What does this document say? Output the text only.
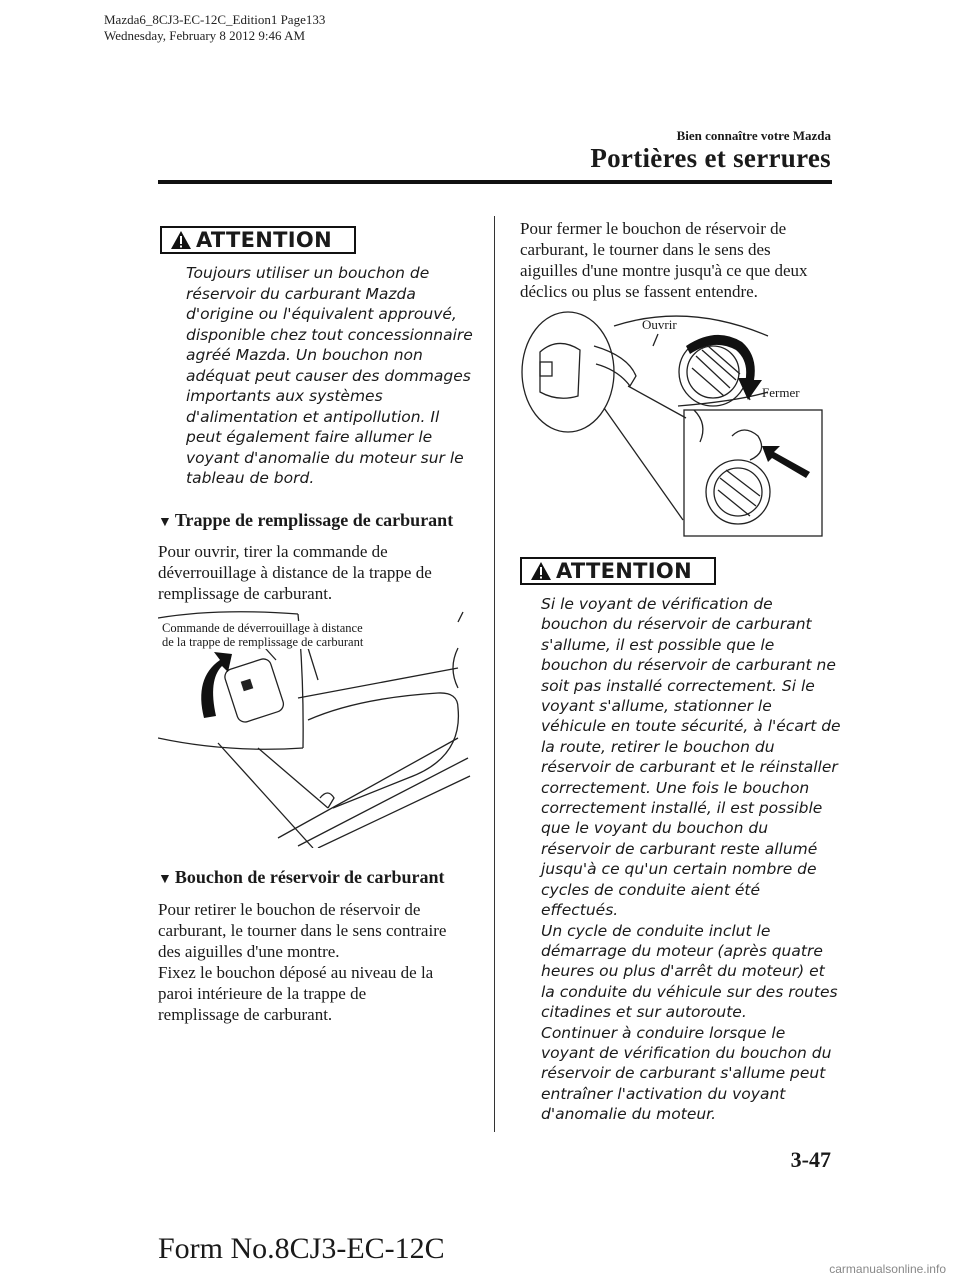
Mazda6_8CJ3-EC-12C_Edition1 Page133
Wednesday, February 8 2012 9:46 AM
Bien connaître votre Mazda
Portières et serrures
ATTENTION
Toujours utiliser un bouchon de
réservoir du carburant Mazda
d'origine ou l'équivalent approuvé,
disponible chez tout concessionnaire
agréé Mazda. Un bouchon non
adéquat peut causer des dommages
importants aux systèmes
d'alimentation et antipollution. Il
peut également faire allumer le
voyant d'anomalie du moteur sur le
tableau de bord.
▼ Trappe de remplissage de carburant
Pour ouvrir, tirer la commande de
déverrouillage à distance de la trappe de
remplissage de carburant.
Commande de déverrouillage à distance
de la trappe de remplissage de carburant
▼ Bouchon de réservoir de carburant
Pour retirer le bouchon de réservoir de
carburant, le tourner dans le sens contraire
des aiguilles d'une montre.
Fixez le bouchon déposé au niveau de la
paroi intérieure de la trappe de
remplissage de carburant.
Pour fermer le bouchon de réservoir de
carburant, le tourner dans le sens des
aiguilles d'une montre jusqu'à ce que deux
déclics ou plus se fassent entendre.
Ouvrir
Fermer
ATTENTION
Si le voyant de vérification de
bouchon du réservoir de carburant
s'allume, il est possible que le
bouchon du réservoir de carburant ne
soit pas installé correctement. Si le
voyant s'allume, stationner le
véhicule en toute sécurité, à l'écart de
la route, retirer le bouchon du
réservoir de carburant et le réinstaller
correctement. Une fois le bouchon
correctement installé, il est possible
que le voyant du bouchon du
réservoir de carburant reste allumé
jusqu'à ce qu'un certain nombre de
cycles de conduite aient été effectués.
Un cycle de conduite inclut le
démarrage du moteur (après quatre
heures ou plus d'arrêt du moteur) et
la conduite du véhicule sur des routes
citadines et sur autoroute.
Continuer à conduire lorsque le
voyant de vérification du bouchon du
réservoir de carburant s'allume peut
entraîner l'activation du voyant
d'anomalie du moteur.
3-47
Form No.8CJ3-EC-12C
carmanualsonline.info
